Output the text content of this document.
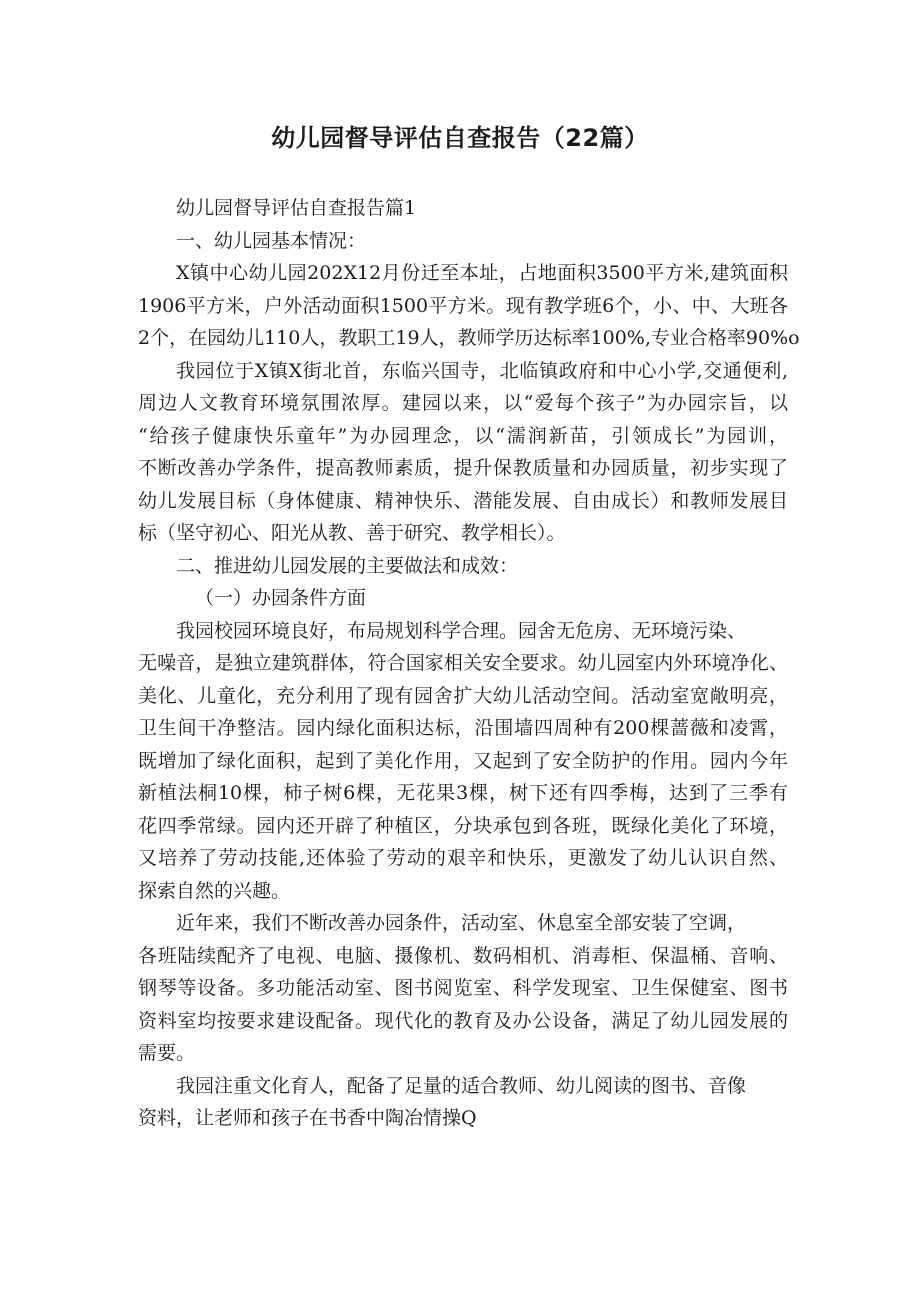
幼儿园督导评估自查报告（22篇）

幼儿园督导评估自查报告篇1

一、幼儿园基本情况：

X镇中心幼儿园202X12月份迁至本址，占地面积3500平方米,建筑面积

1906平方米，户外活动面积1500平方米。现有教学班6个，小、中、大班各

2个，在园幼儿110人，教职工19人，教师学历达标率100%,专业合格率90%o

我园位于X镇X街北首，东临兴国寺，北临镇政府和中心小学,交通便利,

周边人文教育环境氛围浓厚。建园以来，以“爱每个孩子”为办园宗旨，以

“给孩子健康快乐童年”为办园理念，以“濡润新苗，引领成长”为园训，

不断改善办学条件，提高教师素质，提升保教质量和办园质量，初步实现了

幼儿发展目标（身体健康、精神快乐、潜能发展、自由成长）和教师发展目

标（坚守初心、阳光从教、善于研究、教学相长）。

二、推进幼儿园发展的主要做法和成效：

（一）办园条件方面

我园校园环境良好，布局规划科学合理。园舍无危房、无环境污染、

无噪音，是独立建筑群体，符合国家相关安全要求。幼儿园室内外环境净化、

美化、儿童化，充分利用了现有园舍扩大幼儿活动空间。活动室宽敞明亮，

卫生间干净整洁。园内绿化面积达标，沿围墙四周种有200棵蔷薇和凌霄，

既增加了绿化面积，起到了美化作用，又起到了安全防护的作用。园内今年

新植法桐10棵，柿子树6棵，无花果3棵，树下还有四季梅，达到了三季有

花四季常绿。园内还开辟了种植区，分块承包到各班，既绿化美化了环境，

又培养了劳动技能,还体验了劳动的艰辛和快乐，更激发了幼儿认识自然、

探索自然的兴趣。

近年来，我们不断改善办园条件，活动室、休息室全部安装了空调，

各班陆续配齐了电视、电脑、摄像机、数码相机、消毒柜、保温桶、音响、

钢琴等设备。多功能活动室、图书阅览室、科学发现室、卫生保健室、图书

资料室均按要求建设配备。现代化的教育及办公设备，满足了幼儿园发展的

需要。

我园注重文化育人，配备了足量的适合教师、幼儿阅读的图书、音像

资料，让老师和孩子在书香中陶冶情操Q
